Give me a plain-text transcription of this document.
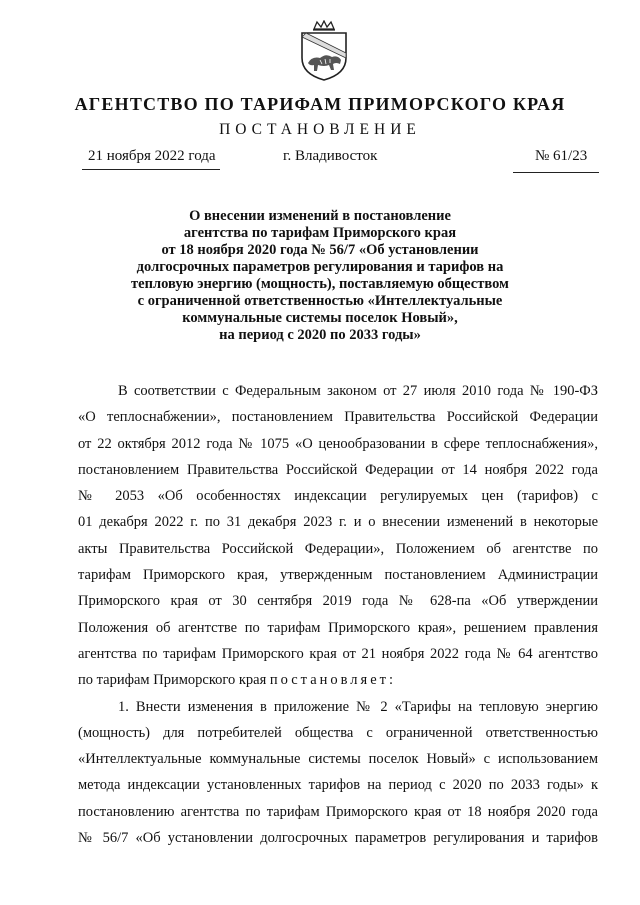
АГЕНТСТВО ПО ТАРИФАМ ПРИМОРСКОГО КРАЯ
ПОСТАНОВЛЕНИЕ
21 ноября 2022 года	г. Владивосток	№ 61/23
О внесении изменений в постановление
агентства по тарифам Приморского края
от 18 ноября 2020 года № 56/7 «Об установлении
долгосрочных параметров регулирования и тарифов на
тепловую энергию (мощность), поставляемую обществом
с ограниченной ответственностью «Интеллектуальные
коммунальные системы поселок Новый»,
на период с 2020 по 2033 годы»
В соответствии с Федеральным законом от 27 июля 2010 года № 190-ФЗ
«О теплоснабжении», постановлением Правительства Российской Федерации
от 22 октября 2012 года № 1075 «О ценообразовании в сфере теплоснабжения»,
постановлением Правительства Российской Федерации от 14 ноября 2022 года
№ 2053 «Об особенностях индексации регулируемых цен (тарифов) с
01 декабря 2022 г. по 31 декабря 2023 г. и о внесении изменений в некоторые
акты Правительства Российской Федерации», Положением об агентстве по
тарифам Приморского края, утвержденным постановлением Администрации
Приморского края от 30 сентября 2019 года № 628-па «Об утверждении
Положения об агентстве по тарифам Приморского края», решением правления
агентства по тарифам Приморского края от 21 ноября 2022 года № 64 агентство
по тарифам Приморского края постановляет:
1. Внести изменения в приложение № 2 «Тарифы на тепловую энергию
(мощность) для потребителей общества с ограниченной ответственностью
«Интеллектуальные коммунальные системы поселок Новый» с использованием
метода индексации установленных тарифов на период с 2020 по 2033 годы» к
постановлению агентства по тарифам Приморского края от 18 ноября 2020 года
№ 56/7 «Об установлении долгосрочных параметров регулирования и тарифов
